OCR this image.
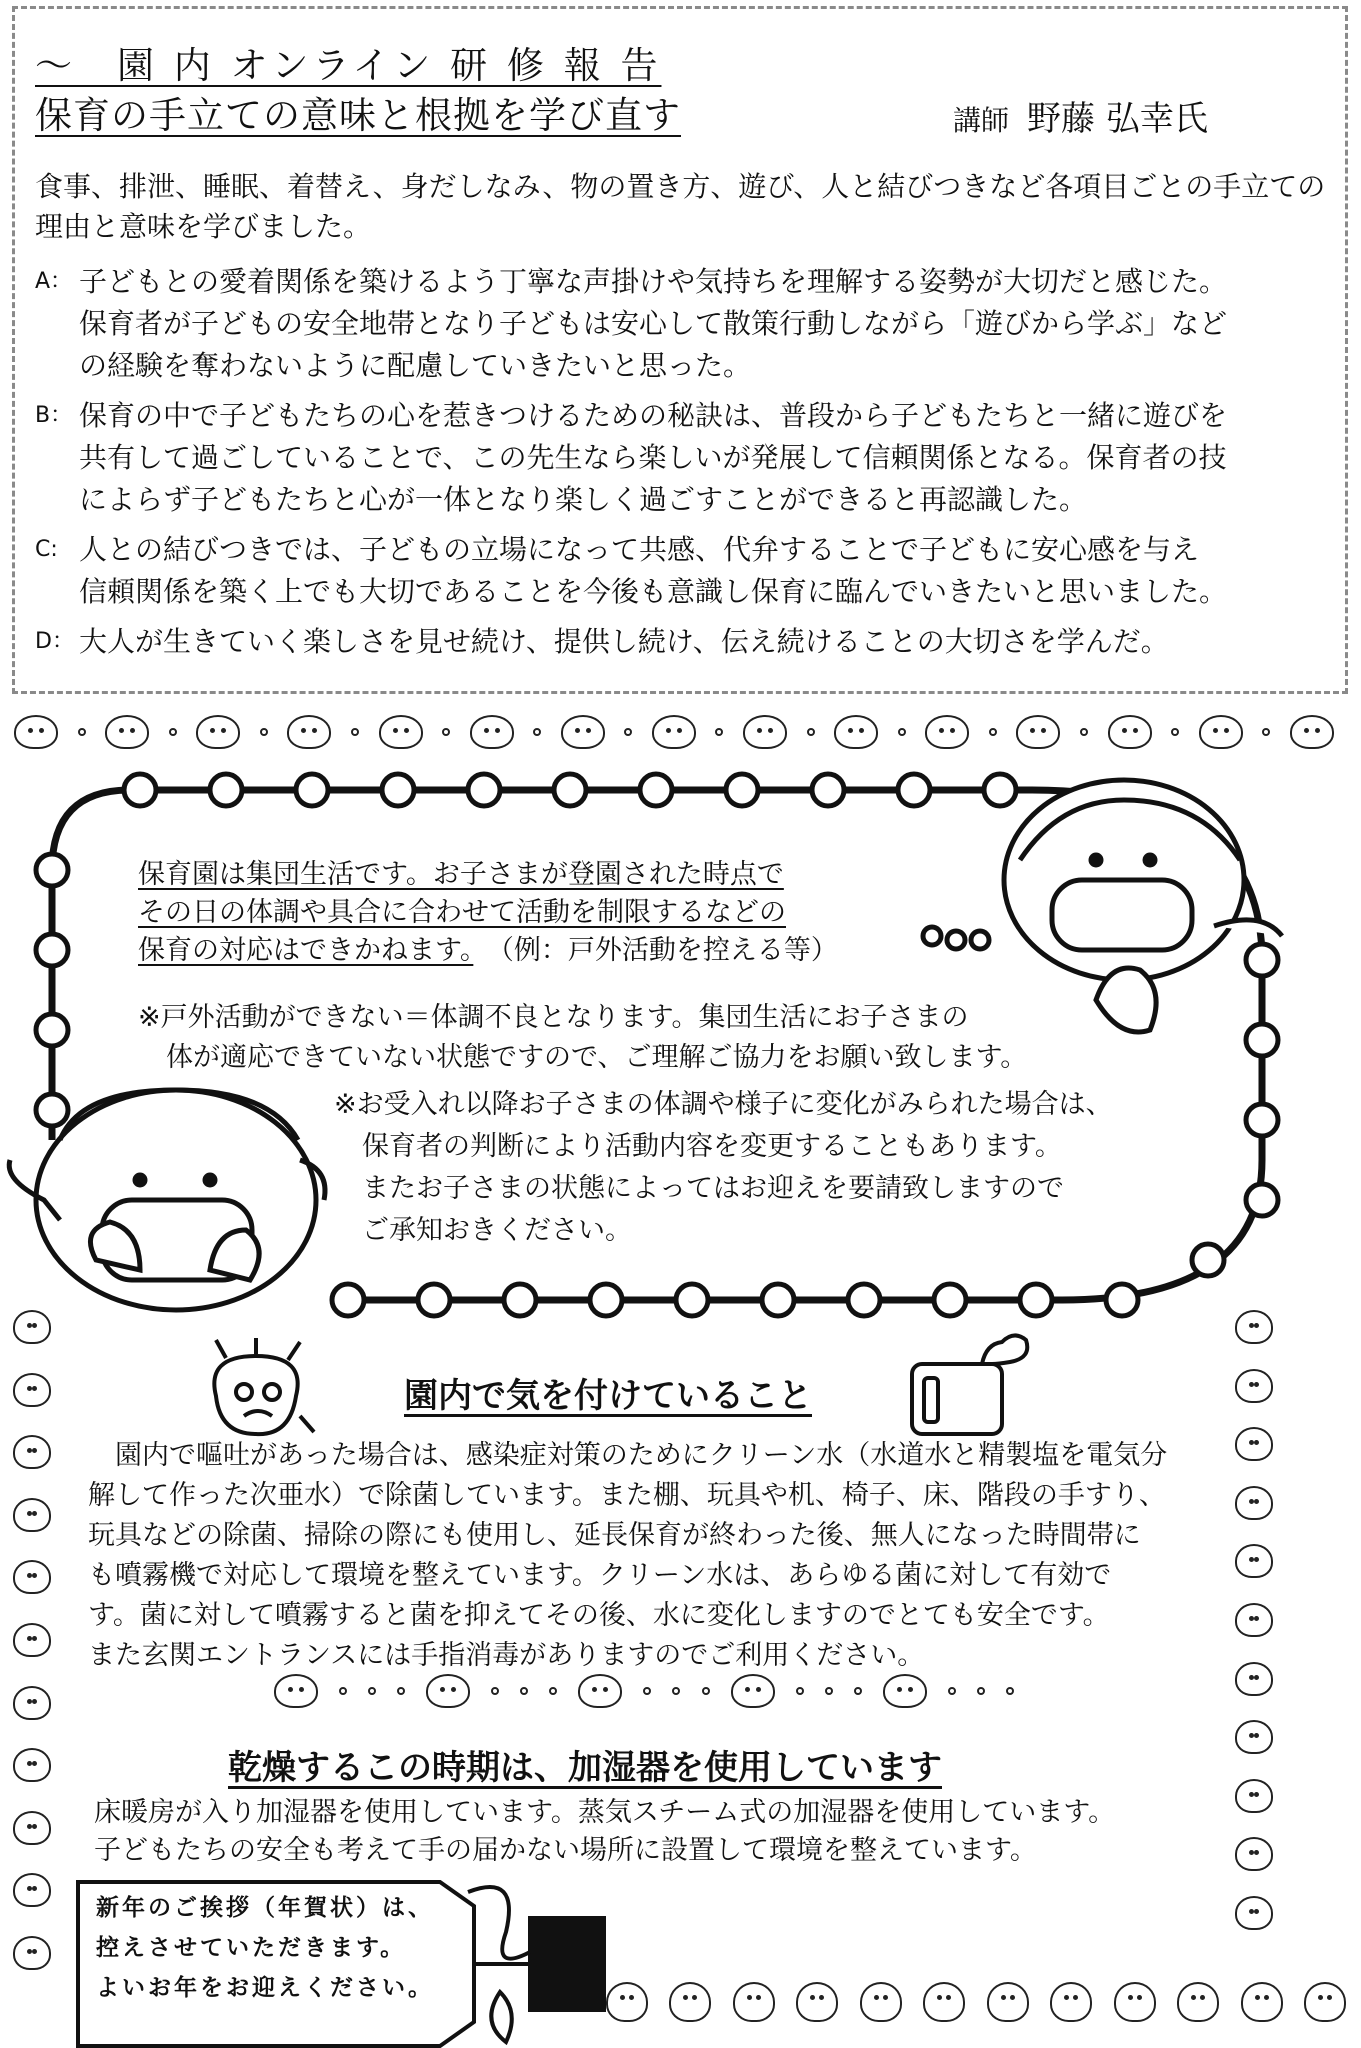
～　園 内 オンライン 研 修 報 告
保育の手立ての意味と根拠を学び直す	講師 野藤 弘幸氏
食事、排泄、睡眠、着替え、身だしなみ、物の置き方、遊び、人と結びつきなど各項目ごとの手立ての
理由と意味を学びました。
A： 子どもとの愛着関係を築けるよう丁寧な声掛けや気持ちを理解する姿勢が大切だと感じた。
保育者が子どもの安全地帯となり子どもは安心して散策行動しながら「遊びから学ぶ」など
の経験を奪わないように配慮していきたいと思った。
B： 保育の中で子どもたちの心を惹きつけるための秘訣は、普段から子どもたちと一緒に遊びを
共有して過ごしていることで、この先生なら楽しいが発展して信頼関係となる。保育者の技
によらず子どもたちと心が一体となり楽しく過ごすことができると再認識した。
C: 人との結びつきでは、子どもの立場になって共感、代弁することで子どもに安心感を与え
信頼関係を築く上でも大切であることを今後も意識し保育に臨んでいきたいと思いました。
D： 大人が生きていく楽しさを見せ続け、提供し続け、伝え続けることの大切さを学んだ。
保育園は集団生活です。お子さまが登園された時点で
その日の体調や具合に合わせて活動を制限するなどの
保育の対応はできかねます。　 （例：戸外活動を控える等）
※戸外活動ができない＝体調不良となります。集団生活にお子さまの
体が適応できていない状態ですので、ご理解ご協力をお願い致します。
※お受入れ以降お子さまの体調や様子に変化がみられた場合は、
保育者の判断により活動内容を変更することもあります。
またお子さまの状態によってはお迎えを要請致しますので
ご承知おきください。
園内で気を付けていること
　園内で嘔吐があった場合は、感染症対策のためにクリーン水（水道水と精製塩を電気分
解して作った次亜水）で除菌しています。また棚、玩具や机、椅子、床、階段の手すり、
玩具などの除菌、掃除の際にも使用し、延長保育が終わった後、無人になった時間帯に
も噴霧機で対応して環境を整えています。クリーン水は、あらゆる菌に対して有効で
す。菌に対して噴霧すると菌を抑えてその後、水に変化しますのでとても安全です。
また玄関エントランスには手指消毒がありますのでご利用ください。
乾燥するこの時期は、加湿器を使用しています
床暖房が入り加湿器を使用しています。蒸気スチーム式の加湿器を使用しています。
子どもたちの安全も考えて手の届かない場所に設置して環境を整えています。
新年のご挨拶（年賀状）は、
控えさせていただきます。
よいお年をお迎えください。
